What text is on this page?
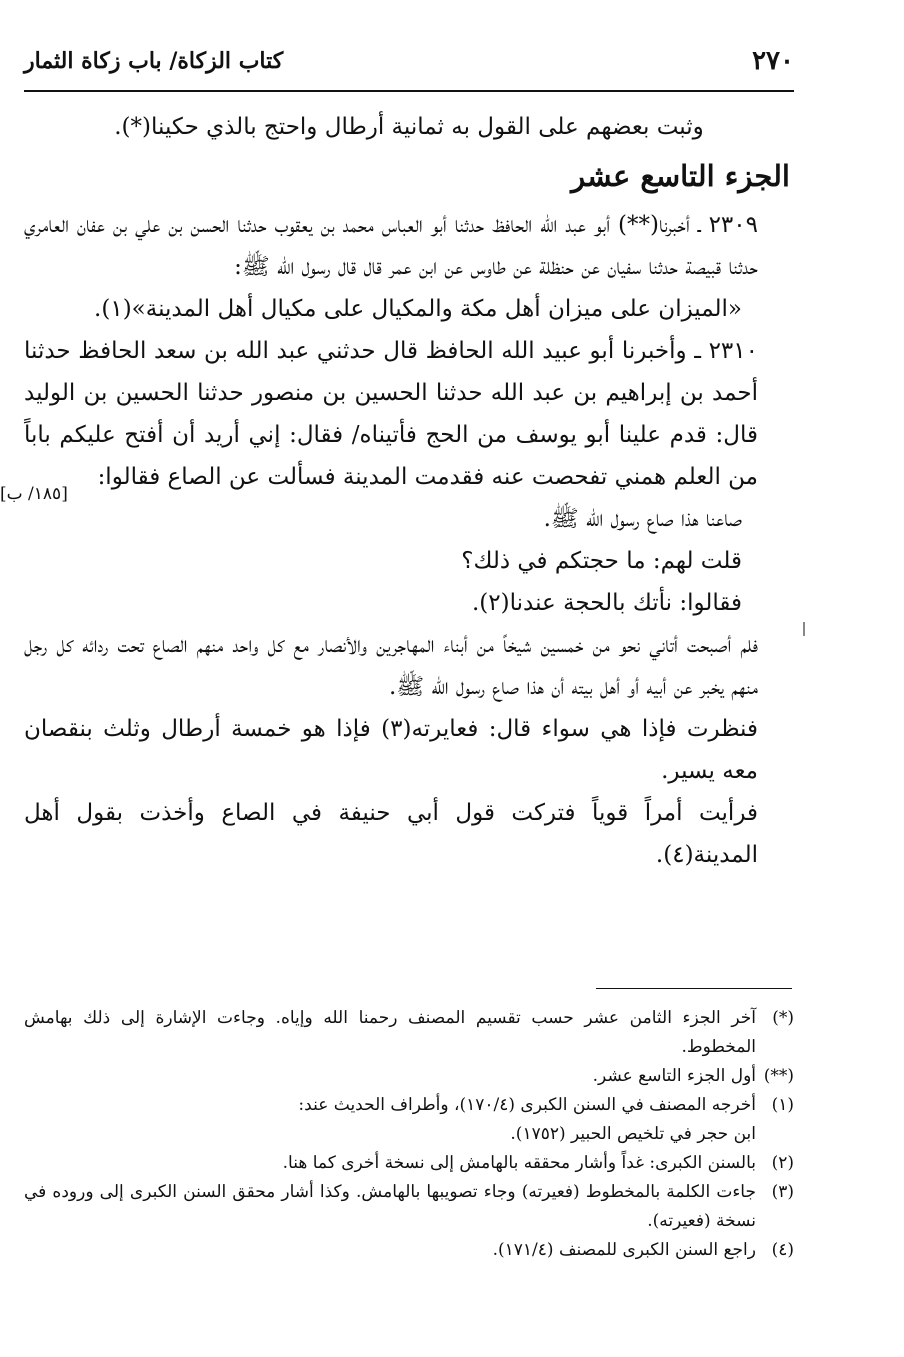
٢٧٠
كتاب الزكاة/ باب زكاة الثمار

وثبت بعضهم على القول به ثمانية أرطال واحتج بالذي حكينا(*).

الجزء التاسع عشر

٢٣٠٩ ـ أخبرنا(**) أبو عبد الله الحافظ حدثنا أبو العباس محمد بن يعقوب حدثنا الحسن بن علي بن عفان العامري حدثنا قبيصة حدثنا سفيان عن حنظلة عن طاوس عن ابن عمر قال قال رسول الله ﷺ:

«الميزان على ميزان أهل مكة والمكيال على مكيال أهل المدينة»(١).

٢٣١٠ ـ وأخبرنا أبو عبيد الله الحافظ قال حدثني عبد الله بن سعد الحافظ حدثنا أحمد بن إبراهيم بن عبد الله حدثنا الحسين بن منصور حدثنا الحسين بن الوليد قال: قدم علينا أبو يوسف من الحج فأتيناه/ فقال: إني أريد أن أفتح عليكم باباً من العلم همني تفحصت عنه فقدمت المدينة فسألت عن الصاع فقالوا:

صاعنا هذا صاع رسول الله ﷺ.

قلت لهم: ما حجتكم في ذلك؟

فقالوا: نأتك بالحجة عندنا(٢).

فلم أصبحت أتاني نحو من خمسين شيخاً من أبناء المهاجرين والأنصار مع كل واحد منهم الصاع تحت ردائه كل رجل منهم يخبر عن أبيه أو أهل بيته أن هذا صاع رسول الله ﷺ.

فنظرت فإذا هي سواء قال: فعايرته(٣) فإذا هو خمسة أرطال وثلث بنقصان معه يسير.

فرأيت أمراً قوياً فتركت قول أبي حنيفة في الصاع وأخذت بقول أهل المدينة(٤).

[١٨٥/ ب]

(*)
آخر الجزء الثامن عشر حسب تقسيم المصنف رحمنا الله وإياه. وجاءت الإشارة إلى ذلك بهامش المخطوط.

(**)
أول الجزء التاسع عشر.

(١)
أخرجه المصنف في السنن الكبرى (١٧٠/٤)، وأطراف الحديث عند:
ابن حجر في تلخيص الحبير (١٧٥٢).

(٢)
بالسنن الكبرى: غداً وأشار محققه بالهامش إلى نسخة أخرى كما هنا.

(٣)
جاءت الكلمة بالمخطوط (فعيرته) وجاء تصويبها بالهامش. وكذا أشار محقق السنن الكبرى إلى وروده في نسخة (فعيرته).

(٤)
راجع السنن الكبرى للمصنف (١٧١/٤).
